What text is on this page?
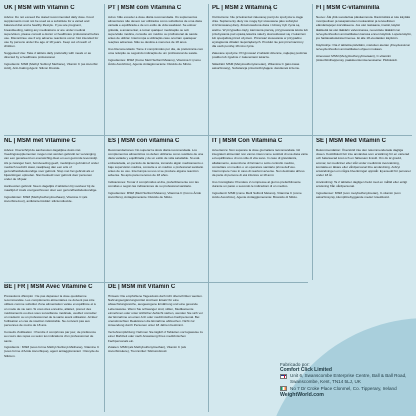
UK | MSM with Vitamin C

Advice: Do not exceed the stated recommended daily dose. Food supplements must not be used as a substitute for a varied and balanced diet and a healthy lifestyle. If you are pregnant, breastfeeding, taking any medications or are under medical supervision, please consult a doctor or healthcare professional before use. Discontinue use if any adverse reactions occur. Not intended for use by persons under the age of 18 years. Keep out of reach of children.

Suggested Use: Take 2 tablets daily preferably with meals or as directed by a healthcare professional.

Ingredients: MSM (Methyl Sulfonyl Methane), Vitamin C (as Ascorbic Acid), Anti-Caking Agent: Silicon Dioxide.

NL | MSM met Vitamine C

Advies: Overschrijd de aanbevolen dagelijkse dosis niet. Voedingssupplementen mogen niet worden gebruikt ter vervanging van een gevarieerd en evenwichtig dieet en een gezonde levensstijl. Als je zwanger bent, borstvoeding geeft, medicijnen gebruikt of onder medisch toezicht staat, raadpleeg dan een arts of gezondheidsdeskundige voor gebruik. Stop met het gebruik als er bijwerkingen optreden. Niet bedoeld voor gebruik door personen onder de 18 jaar.

Aanbevolen gebruik: Neem dagelijks 2 tabletten bij voorkeur bij de maaltijd of zoals voorgeschreven door een gezondheidsdeskundige.

Ingrediënten: MSM (Methylsulfonylmethaan), Vitamine C (als Ascorbinezuur), antiklontermiddel: siliciumdioxide.

BE | FR | MSM Avec Vitamine C

Précautions d'Emploi : Ne pas dépasser la dose quotidienne recommandée. Les compléments alimentaires ne doivent pas être utilisés comme substitut d'une alimentation variée et équilibrée et à un mode de vie sain. Si vous êtes enceinte, allaitez, prenez des médicaments ou êtes sous surveillance médicale, veuillez consulter un médecin ou un professionnel de la santé avant utilisation. Arrêtez l'utilisation en cas de réaction indésirable. Ne convient pas aux personnes de moins de 18 ans.

Conseils d'utilisation : Prendre 2 comprimés par jour, de préférence au cours des repas ou selon les indications d'un professionnel de santé.

Ingrédients : MSM (sous forme Méthyl-Sulfonyl-Méthane), Vitamine C (sous forme d'Acide Ascorbique), agent antiagglomérant : Dioxyde de Silicium.

PT | MSM com Vitamina C

Aviso: Não exceder a dose diária recomendada. Os suplementos alimentares não devem ser utilizados como substitutos de uma dieta variada e equilibrada e de um estilo de vida saudável. Se estiver grávida, a amamentar, a tomar qualquer medicação ou sob supervisão médica, consulte um médico ou profissional de saúde antes de utilizar. Interrompa a utilização caso ocorram quaisquer reações adversas. Não se destina a menores de 18 anos.

Uso Recomendado: Tome 2 comprimidos por dia, de preferência com uma refeição ou seguindo indicação de um profissional de saúde.

Ingredientes: MSM (Como Metil Sulfonil Metano), Vitamina C (como Ácido Ascórbico), Agente Antiaglomerante: Dióxido de Silício.

ES | MSM con vitamina C

Recomendaciones: No superar la dosis diaria recomendada. Los complementos alimenticios no deben utilizarse como sustituto de una dieta variada y equilibrada y de un estilo de vida saludable. Si está embarazada, en período de lactancia, tomando algún medicamento o bajo supervisión médica, consulte a un médico o profesional sanitario antes de su uso. Interrumpa su uso si se produce alguna reacción adversa. No apto para menores de 18 años.

Indicaciones: Tomar 2 comprimidos al día, preferiblemente con las comidas o según las indicaciones de su profesional sanitario.

Ingredientes: MSM (Metil Sulfonil Metano), Vitamina C (Como Ácido Ascórbico), Antiaglomerante: Dióxido de Silicio.

DE | MSM mit Vitamin C

Hinweis: Die empfohlene Tagesdosis darf nicht überschritten werden. Nahrungsergänzungsmittel sind kein Ersatz für eine abwechslungsreiche, ausgewogene Ernährung und eine gesunde Lebensweise. Wenn Sie schwanger sind, stillen, Medikamente einnehmen oder unter ärztlicher Aufsicht stehen, wenden Sie sich vor der Einnahme an einen Arzt oder medizinisches Fachpersonal. Bei unerwünschten Reaktionen die Einnahme abbrechen. Nicht zur Anwendung durch Personen unter 18 Jahren bestimmt.

Verzehrempfehlung: Nehmen Sie täglich 2 Tabletten vorzugsweise zu einer Mahlzeit oder nach Anweisung Ihres medizinischen Fachpersonals ein.

Zutaten: MSM (als Methylsulfonylmethan), Vitamin C (als Ascorbinsäure), Trennmittel: Siliciumdioxid.

PL | MSM z Witaminą C

Ostrzeżenie: Nie przekraczać zalecanej porcji do spożycia w ciągu dnia. Suplementy diety nie mogą być stosowane jako substytut zróżnicowanej diety. Zrównoważona dieta i zdrowy tryb życia są ważne. W przypadku ciąży, karmienia piersią, przyjmowania leków lub przebywania pod opieką lekarza należy skonsultować się z lekarzem lub specjalistą przed użyciem. Przerwać stosowanie w przypadku wystąpienia działań niepożądanych. Produkt nie jest przeznaczony dla osób poniżej 18 roku życia.

Zalecane spożycie: Przyjmować 2 tabletki dziennie, najlepiej podczas posiłku lub zgodnie z zaleceniami lekarza.

Składniki: MSM (Metylosulfonylometan), Witamina C (jako kwas askorbinowy), Substancja przeciwzbrylająca: dwutlenek krzemu.

IT | MSM Con Vitamina C

Avvertenze: Non superare la dose giornaliera raccomandata. Gli integratori alimentari non vanno intesi come sostituti di una dieta varia ed equilibrata e di uno stile di vita sano. In caso di gravidanza, allattamento, assunzione di farmaci o sotto controllo medico, consultare un medico o un operatore sanitario prima dell'uso. Interrompere l'uso in caso di reazioni avverse. Non destinato all'uso da parte di persone di età inferiore ai 18 anni.

Uso Consigliato: Prendere 2 compresse al giorno preferibilmente durante un pasto o secondo le indicazioni di un medico.

Ingredienti: MSM (come Metil Sulfonil Metano), Vitamina C (come Acido Ascorbico), Agente Antiagglomerante: Biossido di Silicio.

FI | MSM C-vitamiinilla

Neuvo: Älä ylitä suositeltua päiväannosta. Ravintolisiä ei tule käyttää monipuolisen ja tasapainoisen ruokavalion ja terveellisten elämäntapojen korvikkeena. Jos olet raskaana, imetät, käytät lääkkeitä tai olet lääkärin valvonnassa, neuvottele lääkärin tai terveydenhuollon ammattilaisen kanssa ennen käyttöä. Lopeta käyttö, jos haittavaikutuksia ilmenee. Ei alle 18-vuotiaiden käyttöön.

Käyttöohje: Ota 2 tablettia päivittäin, mieluiten aterian yhteydessä tai terveydenhuollon ammattilaisen ohjeen mukaan.

Ainesosat: MSM (Metyylisulfonyylimetaani), C-vitamiini (Askorbiinihappona), paakkuuntumisenestoaine: Piidioksidi.

SE | MSM Med Vitamin C

Rekommendation: Överskrid inte den rekommenderade dagliga dosen. Kosttillskott bör inte användas som ersättning för en varierad och balanserad kost och en hälsosam livsstil. Om du är gravid, ammar, tar mediciner eller står under medicinsk övervakning, kontakta en läkare eller vårdpersonal före användning. Avbryt användningen om några biverkningar uppstår. Ej avsedd för personer under 18 år.

Användning: Ta 2 tabletter dagligen helst med en måltid eller enligt anvisning från vårdpersonal.

Ingredienser: MSM (som metylsulfonylmetan), C-vitamin (som askorbinsyra), klumpförebyggande medel: kiseldioxid.

Fabricado por:
Comfort Click Limited
Unit 6, Swanscombe Enterprise Centre, Ball & Ball Road, Swanscombe, Kent, TN14 5LJ, UK
No 7 Dr Croke Place Clonmel, Co. Tipperary, Ireland
WeightWorld.com
